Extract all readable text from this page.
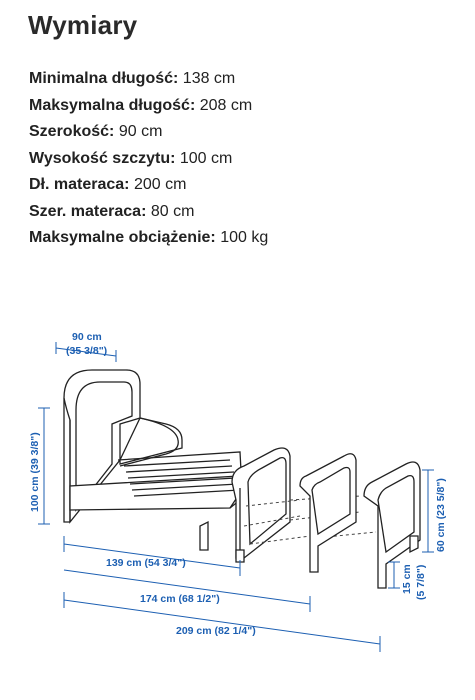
Wymiary
Minimalna długość: 138 cm
Maksymalna długość: 208 cm
Szerokość: 90 cm
Wysokość szczytu: 100 cm
Dł. materaca: 200 cm
Szer. materaca: 80 cm
Maksymalne obciążenie: 100 kg
90 cm
(35 3/8")
100 cm (39 3/8")
139 cm (54 3/4")
174 cm (68 1/2")
209 cm (82 1/4")
60 cm (23 5/8")
15 cm (5 7/8")
